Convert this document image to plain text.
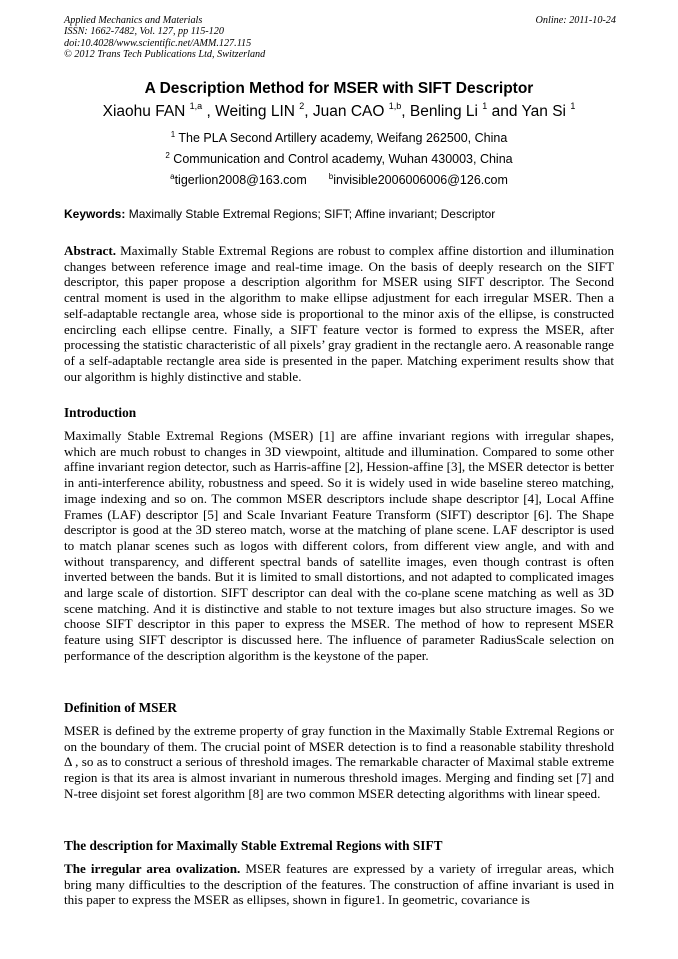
Applied Mechanics and Materials	Online: 2011-10-24
ISSN: 1662-7482, Vol. 127, pp 115-120
doi:10.4028/www.scientific.net/AMM.127.115
© 2012 Trans Tech Publications Ltd, Switzerland
A Description Method for MSER with SIFT Descriptor
Xiaohu FAN $^{1,a}$ , Weiting LIN $^2$, Juan CAO $^{1,b}$, Benling Li $^1$ and Yan Si $^1$
$^1$ The PLA Second Artillery academy, Weifang 262500, China
$^2$ Communication and Control academy, Wuhan 430003, China
$^a$tigerlion2008@163.com	$^b$invisible2006006006@126.com
Keywords: Maximally Stable Extremal Regions; SIFT; Affine invariant; Descriptor
Abstract. Maximally Stable Extremal Regions are robust to complex affine distortion and illumination changes between reference image and real-time image. On the basis of deeply research on the SIFT descriptor, this paper propose a description algorithm for MSER using SIFT descriptor. The Second central moment is used in the algorithm to make ellipse adjustment for each irregular MSER. Then a self-adaptable rectangle area, whose side is proportional to the minor axis of the ellipse, is constructed encircling each ellipse centre. Finally, a SIFT feature vector is formed to express the MSER, after processing the statistic characteristic of all pixels’ gray gradient in the rectangle aero. A reasonable range of a self-adaptable rectangle area side is presented in the paper. Matching experiment results show that our algorithm is highly distinctive and stable.
Introduction
Maximally Stable Extremal Regions (MSER) [1] are affine invariant regions with irregular shapes, which are much robust to changes in 3D viewpoint, altitude and illumination. Compared to some other affine invariant region detector, such as Harris-affine [2], Hession-affine [3], the MSER detector is better in anti-interference ability, robustness and speed. So it is widely used in wide baseline stereo matching, image indexing and so on. The common MSER descriptors include shape descriptor [4], Local Affine Frames (LAF) descriptor [5] and Scale Invariant Feature Transform (SIFT) descriptor [6]. The Shape descriptor is good at the 3D stereo match, worse at the matching of plane scene. LAF descriptor is used to match planar scenes such as logos with different colors, from different view angle, and with and without transparency, and different spectral bands of satellite images, even though contrast is often inverted between the bands. But it is limited to small distortions, and not adapted to complicated images and large scale of distortion. SIFT descriptor can deal with the co-plane scene matching as well as 3D scene matching. And it is distinctive and stable to not texture images but also structure images. So we choose SIFT descriptor in this paper to express the MSER. The method of how to represent MSER feature using SIFT descriptor is discussed here. The influence of parameter RadiusScale selection on performance of the description algorithm is the keystone of the paper.
Definition of MSER
MSER is defined by the extreme property of gray function in the Maximally Stable Extremal Regions or on the boundary of them. The crucial point of MSER detection is to find a reasonable stability threshold Δ , so as to construct a serious of threshold images. The remarkable character of Maximal stable extreme region is that its area is almost invariant in numerous threshold images. Merging and finding set [7] and N-tree disjoint set forest algorithm [8] are two common MSER detecting algorithms with linear speed.
The description for Maximally Stable Extremal Regions with SIFT
The irregular area ovalization. MSER features are expressed by a variety of irregular areas, which bring many difficulties to the description of the features. The construction of affine invariant is used in this paper to express the MSER as ellipses, shown in figure1. In geometric, covariance is
